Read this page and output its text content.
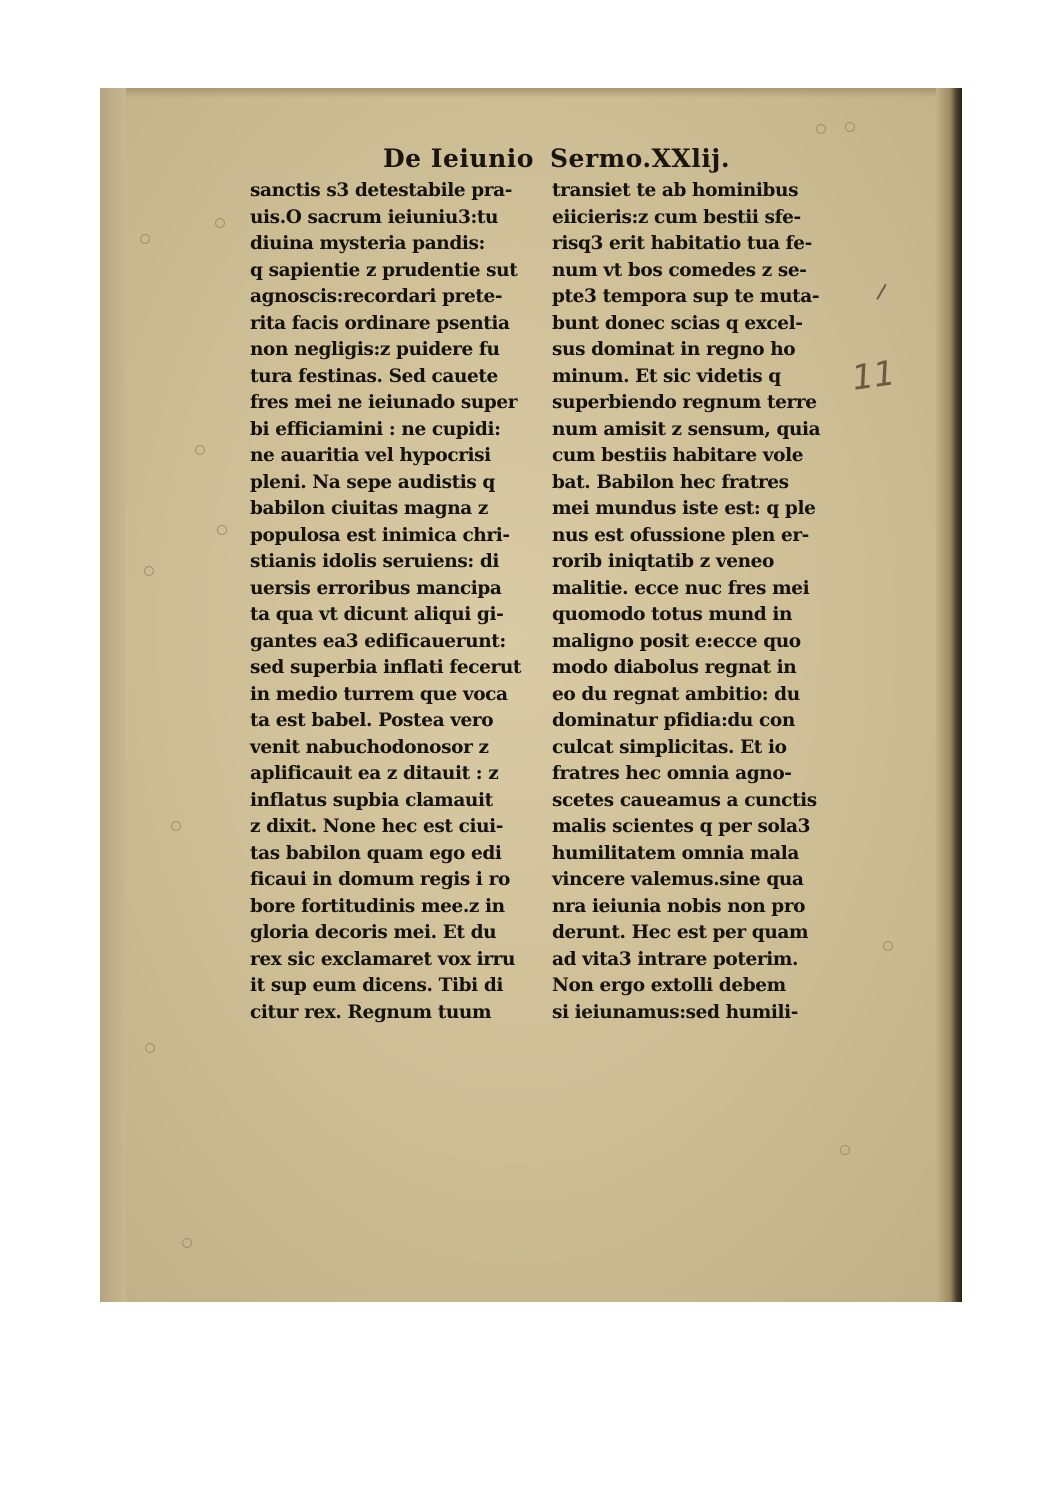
11
⸝
De Ieiunio Sermo.XXlij.
sanctis s3 detestabile pra-
uis.O sacrum ieiuniu3:tu
diuina mysteria pandis:
q sapientie z prudentie sut
agnoscis:recordari prete-
rita facis ordinare psentia
non negligis:z puidere fu
tura festinas. Sed cauete
fres mei ne ieiunado super
bi efficiamini : ne cupidi:
ne auaritia vel hypocrisi
pleni. Na sepe audistis q
babilon ciuitas magna z
populosa est inimica chri-
stianis idolis seruiens: di
uersis erroribus mancipa
ta qua vt dicunt aliqui gi-
gantes ea3 edificauerunt:
sed superbia inflati fecerut
in medio turrem que voca
ta est babel. Postea vero
venit nabuchodonosor z
aplificauit ea z ditauit : z
inflatus supbia clamauit
z dixit. None hec est ciui-
tas babilon quam ego edi
ficaui in domum regis i ro
bore fortitudinis mee.z in
gloria decoris mei. Et du
rex sic exclamaret vox irru
it sup eum dicens. Tibi di
citur rex. Regnum tuum
transiet te ab hominibus
eiicieris:z cum bestii sfe-
risq3 erit habitatio tua fe-
num vt bos comedes z se-
pte3 tempora sup te muta-
bunt donec scias q excel-
sus dominat in regno ho
minum. Et sic videtis q
superbiendo regnum terre
num amisit z sensum, quia
cum bestiis habitare vole
bat. Babilon hec fratres
mei mundus iste est: q ple
nus est ofussione plen er-
rorib iniqtatib z veneo
malitie. ecce nuc fres mei
quomodo totus mund in
maligno posit e:ecce quo
modo diabolus regnat in
eo du regnat ambitio: du
dominatur pfidia:du con
culcat simplicitas. Et io
fratres hec omnia agno-
scetes caueamus a cunctis
malis scientes q per sola3
humilitatem omnia mala
vincere valemus.sine qua
nra ieiunia nobis non pro
derunt. Hec est per quam
ad vita3 intrare poterim.
Non ergo extolli debem
si ieiunamus:sed humili-
